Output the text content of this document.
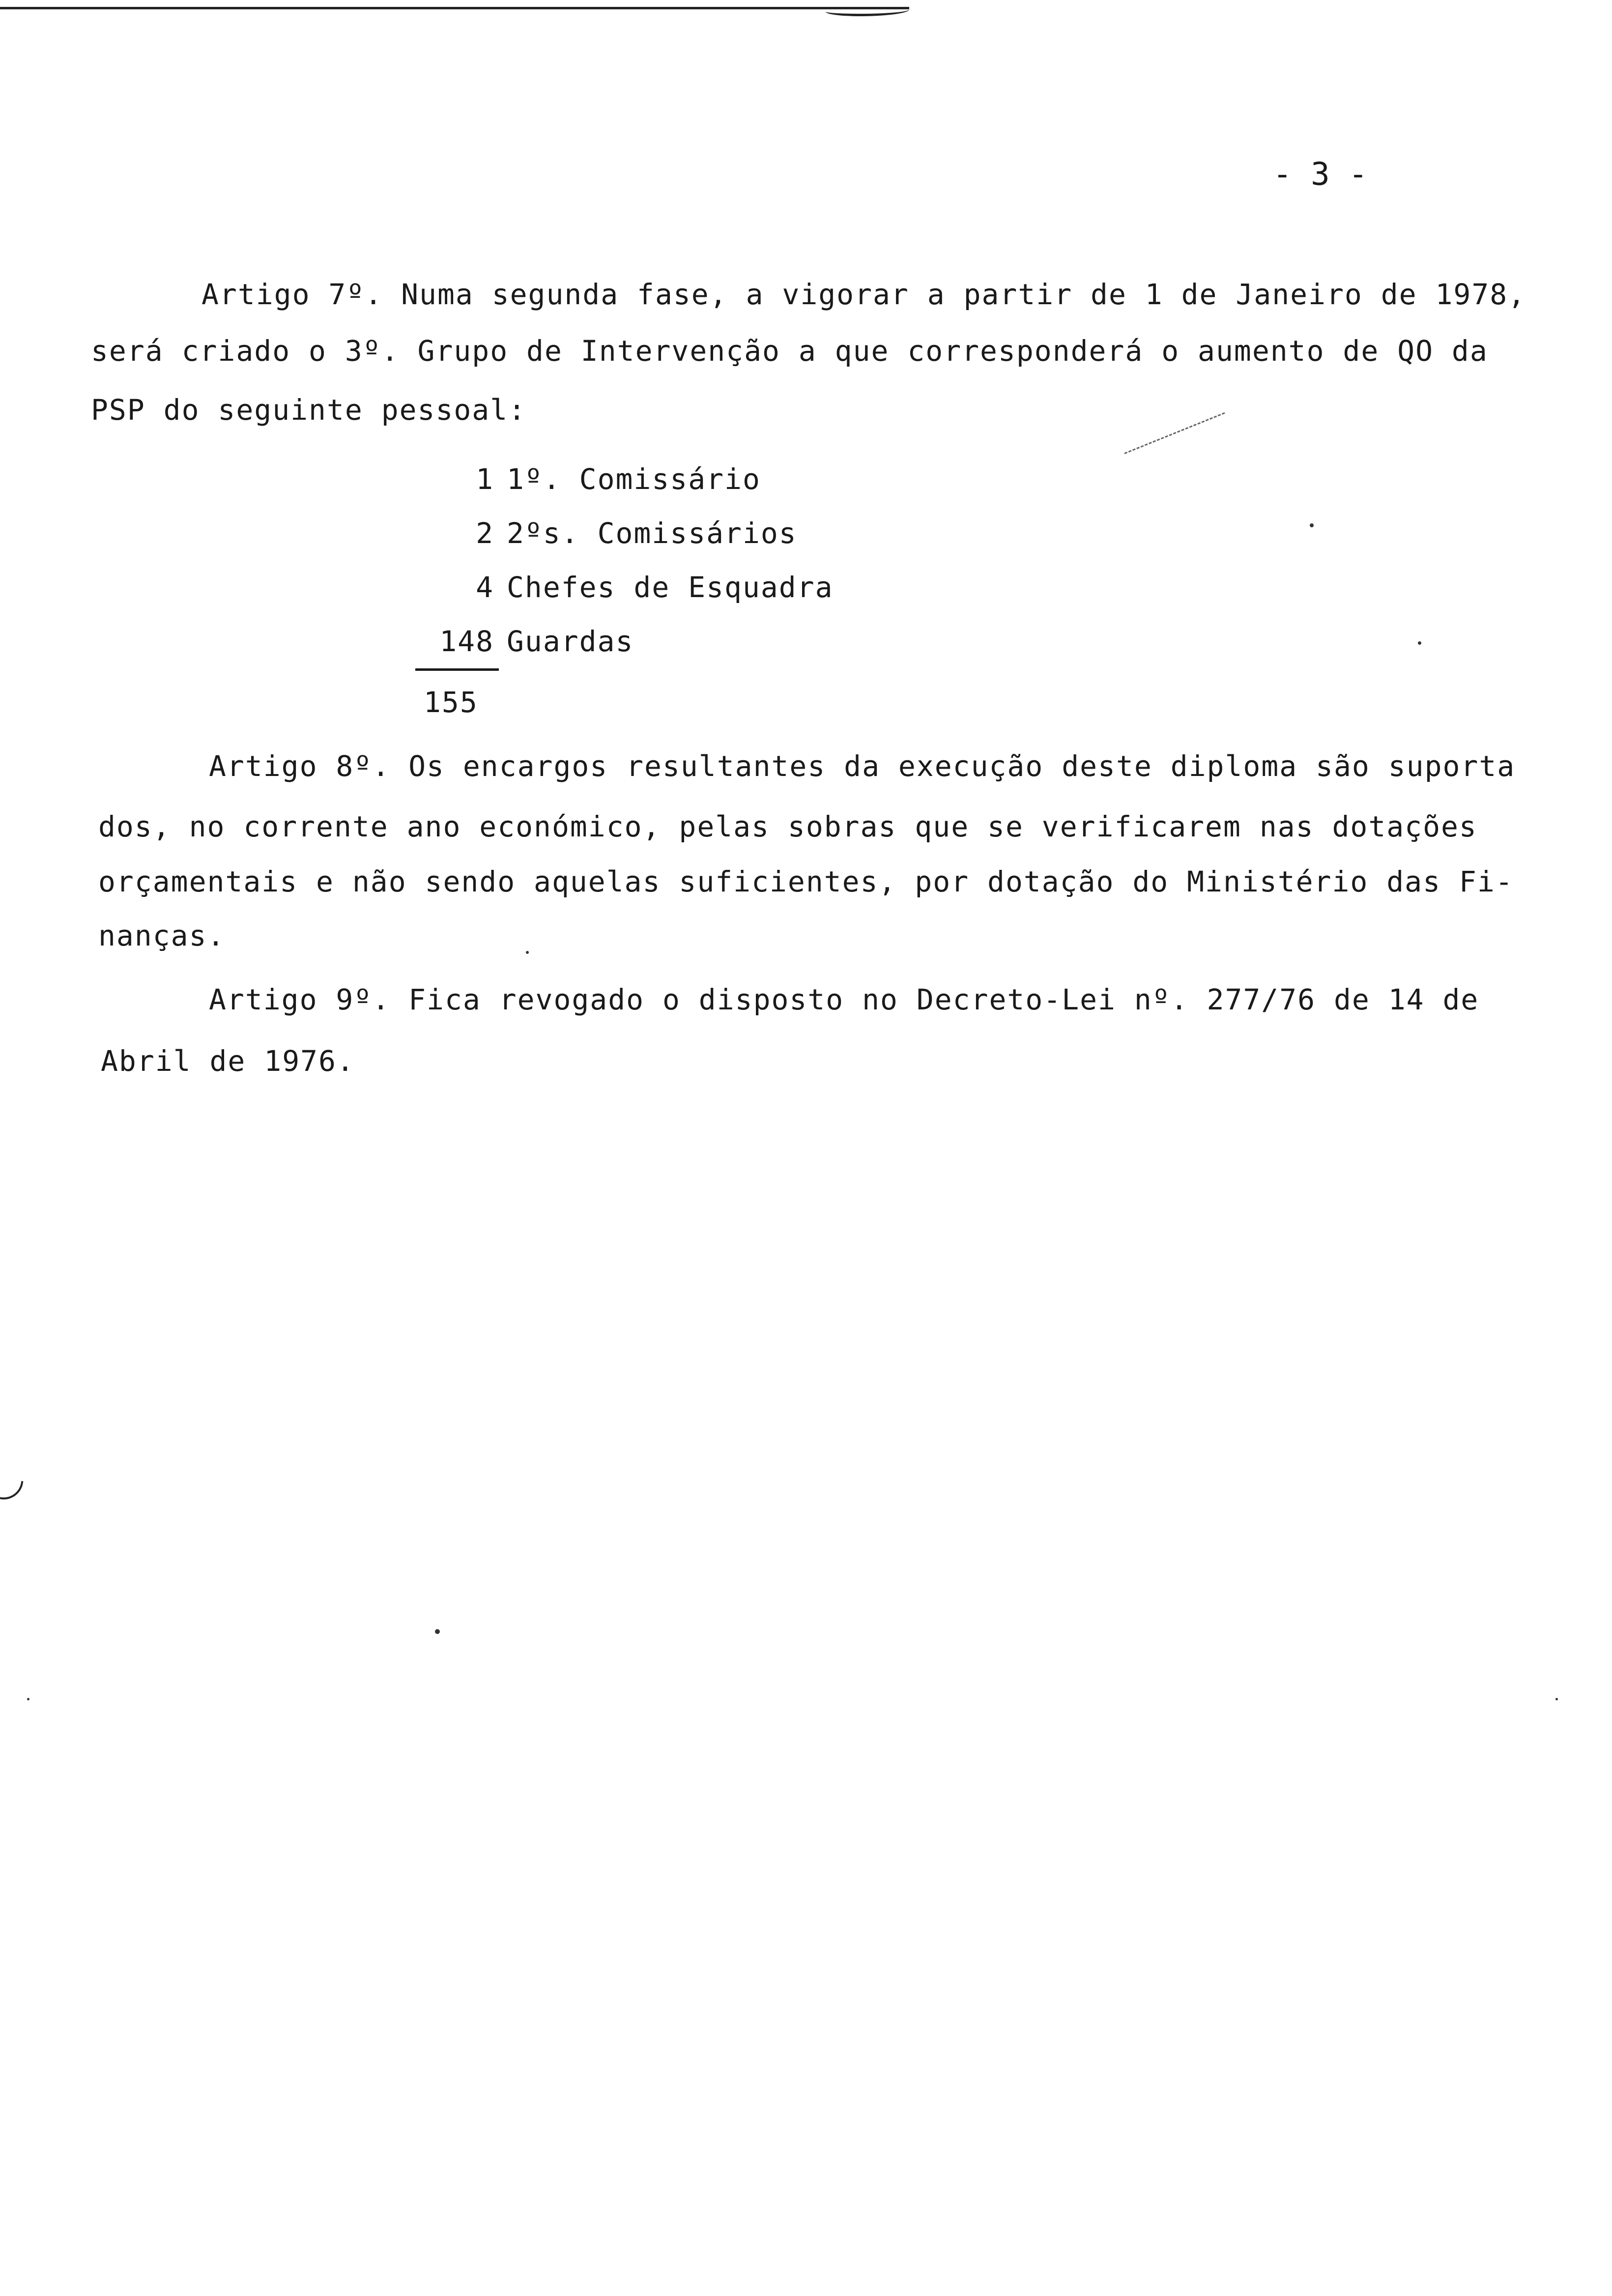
- 3 -
Artigo 7º. Numa segunda fase, a vigorar a partir de 1 de Janeiro de 1978,
será criado o 3º. Grupo de Intervenção a que corresponderá o aumento de QO da
PSP do seguinte pessoal:
1 1º. Comissário
2 2ºs. Comissários
4 Chefes de Esquadra
148 Guardas
155
Artigo 8º. Os encargos resultantes da execução deste diploma são suporta
dos, no corrente ano económico, pelas sobras que se verificarem nas dotações
orçamentais e não sendo aquelas suficientes, por dotação do Ministério das Fi-
nanças.
Artigo 9º. Fica revogado o disposto no Decreto-Lei nº. 277/76 de 14 de
Abril de 1976.
